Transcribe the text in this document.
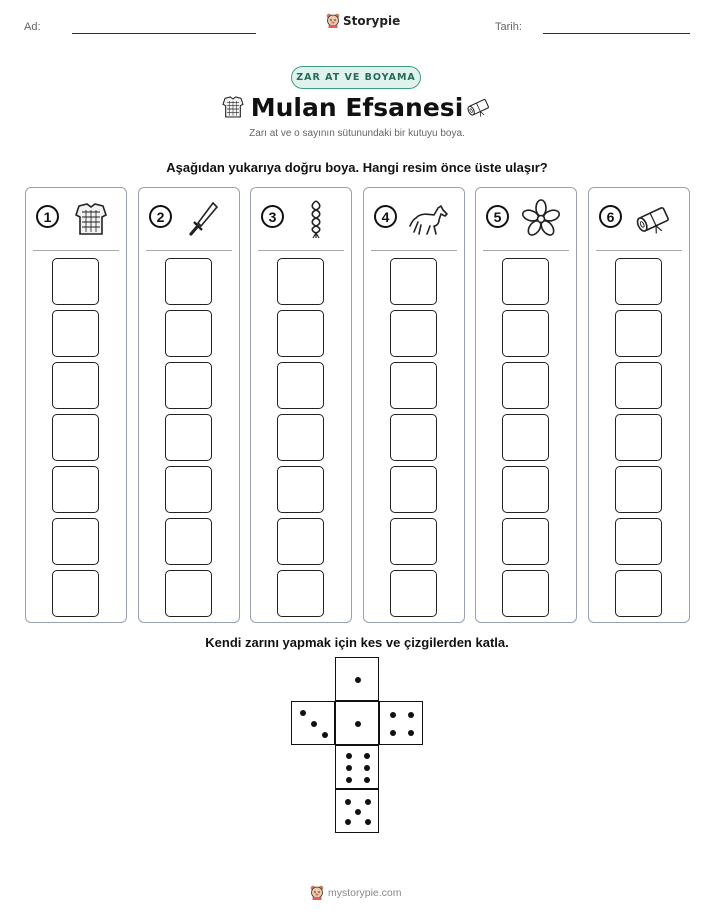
Ad:	Storypie	Tarih:
ZAR AT VE BOYAMA
Mulan Efsanesi
Zarı at ve o sayının sütunundaki bir kutuyu boya.
Aşağıdan yukarıya doğru boya. Hangi resim önce üste ulaşır?
1	2	3	4	5	6
Kendi zarını yapmak için kes ve çizgilerden katla.
mystorypie.com
